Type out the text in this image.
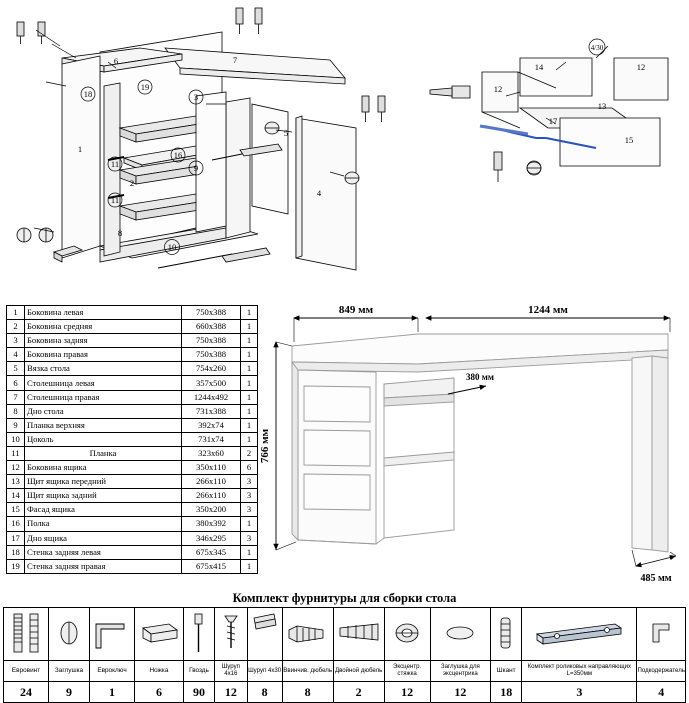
1
2
3
4
5
6	7
8
9
10
11
11
16
18
19
14	12
12
13
17
15
4/30
1	Боковина левая	750x388	1
2	Боковина средняя	660x388	1
3	Боковина задняя	750x388	1
4	Боковина правая	750x388	1
5	Вязка стола	754x260	1
6	Столешница левая	357x500	1
7	Столешница правая	1244x492	1
8	Дно стола	731x388	1
9	Планка верхняя	392x74	1
10	Цоколь	731x74	1
11	Планка	323x60	2
12	Боковина ящика	350x110	6
13	Щит ящика передний	266x110	3
14	Щит ящика задний	266x110	3
15	Фасад ящика	350x200	3
16	Полка	380x392	1
17	Дно ящика	346x295	3
18	Стенка задняя левая	675x345	1
19	Стенка задняя правая	675x415	1
849 мм	1244 мм
766 мм
380 мм
485 мм
Комплект фурнитуры для сборки стола

Евровинт	Заглушка	Евроключ	Ножка	Гвоздь	Шуруп 4x16	Шуруп 4x30	Ввинчив. дюбель	Двойной дюбель	Эксцентр. стяжка	Заглушка для эксцентрика	Шкант	Комплект роликовых направляющих L=350мм	Подкодержатель
24	9	1	6	90	12	8	8	2	12	12	18	3	4
